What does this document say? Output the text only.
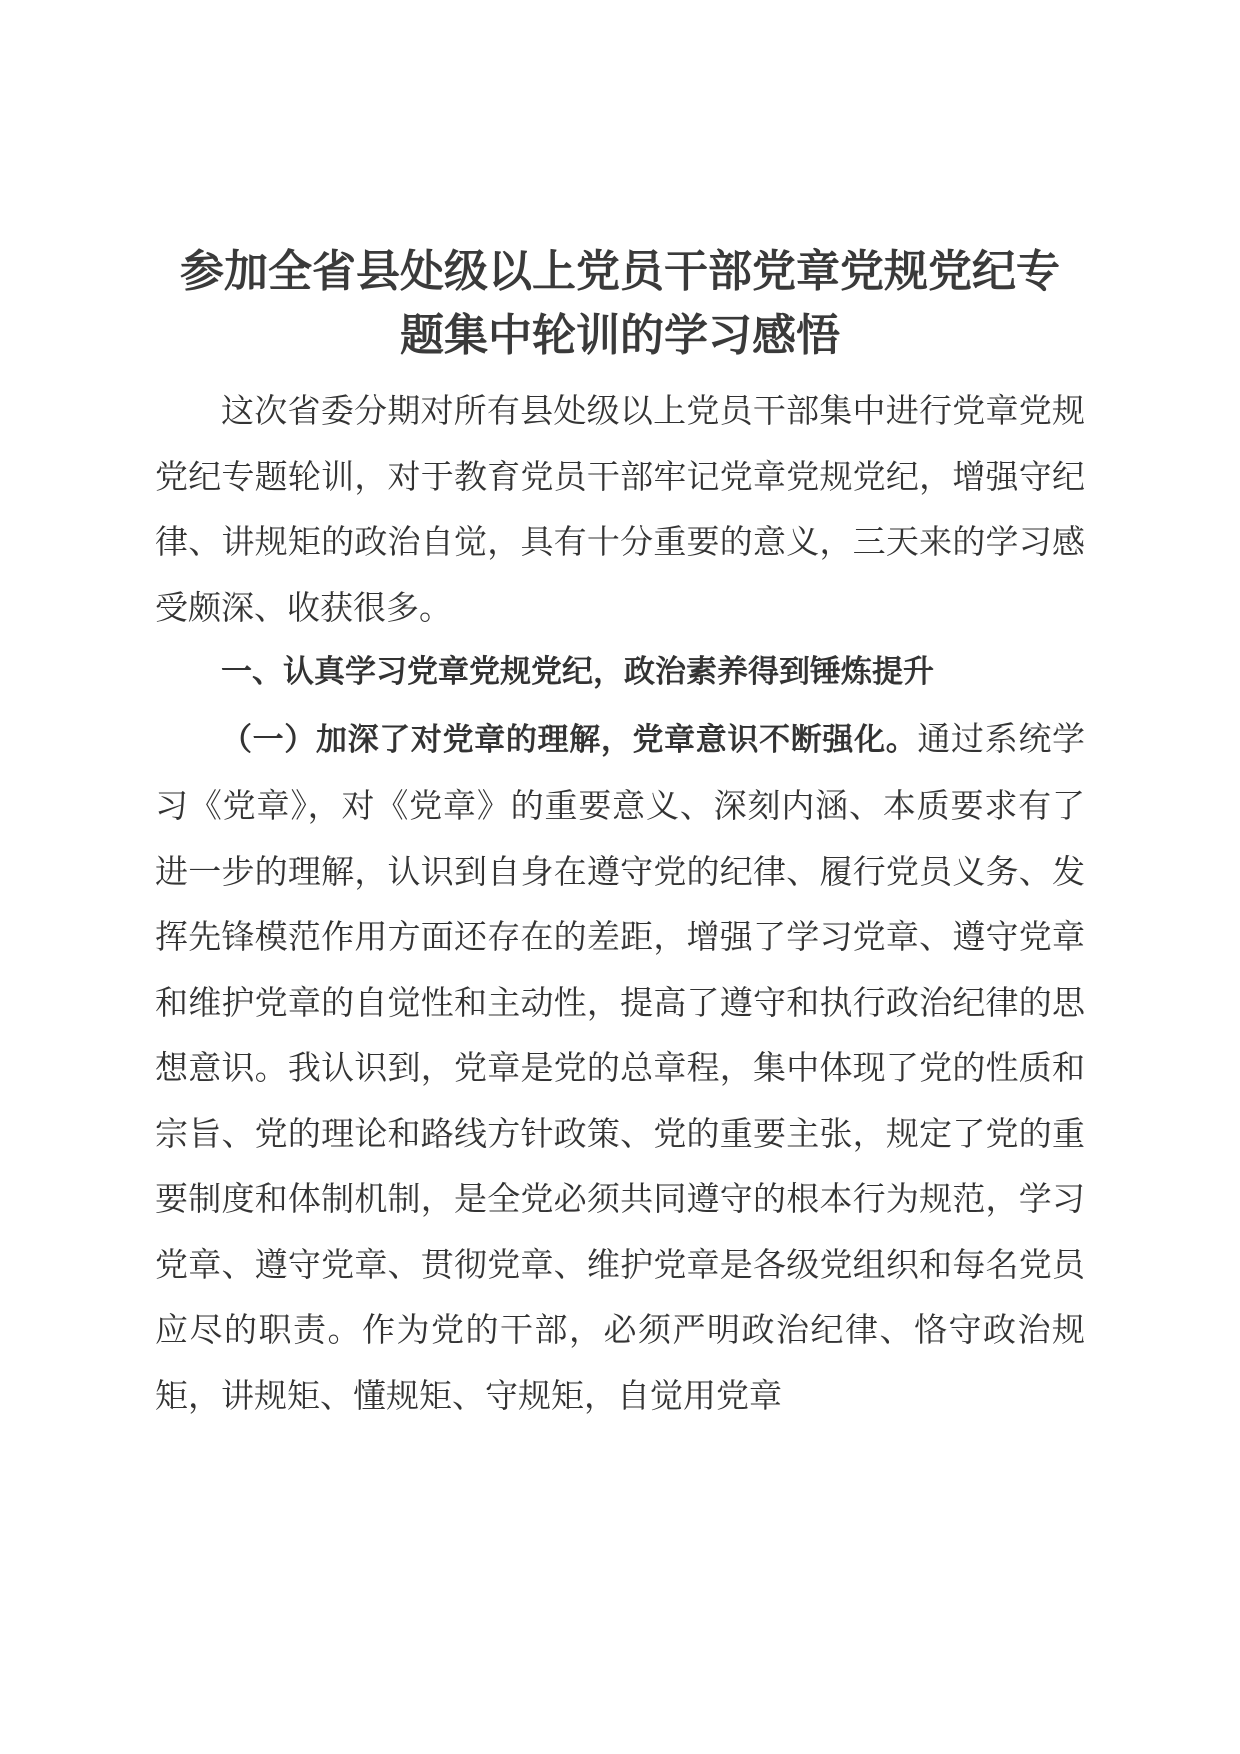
参加全省县处级以上党员干部党章党规党纪专
题集中轮训的学习感悟

这次省委分期对所有县处级以上党员干部集中进行党章党规党纪专题轮训，对于教育党员干部牢记党章党规党纪，增强守纪律、讲规矩的政治自觉，具有十分重要的意义，三天来的学习感受颇深、收获很多。

一、认真学习党章党规党纪，政治素养得到锤炼提升

（一）加深了对党章的理解，党章意识不断强化。通过系统学习《党章》，对《党章》的重要意义、深刻内涵、本质要求有了进一步的理解，认识到自身在遵守党的纪律、履行党员义务、发挥先锋模范作用方面还存在的差距，增强了学习党章、遵守党章和维护党章的自觉性和主动性，提高了遵守和执行政治纪律的思想意识。我认识到，党章是党的总章程，集中体现了党的性质和宗旨、党的理论和路线方针政策、党的重要主张，规定了党的重要制度和体制机制，是全党必须共同遵守的根本行为规范，学习党章、遵守党章、贯彻党章、维护党章是各级党组织和每名党员应尽的职责。作为党的干部，必须严明政治纪律、恪守政治规矩，讲规矩、懂规矩、守规矩，自觉用党章
